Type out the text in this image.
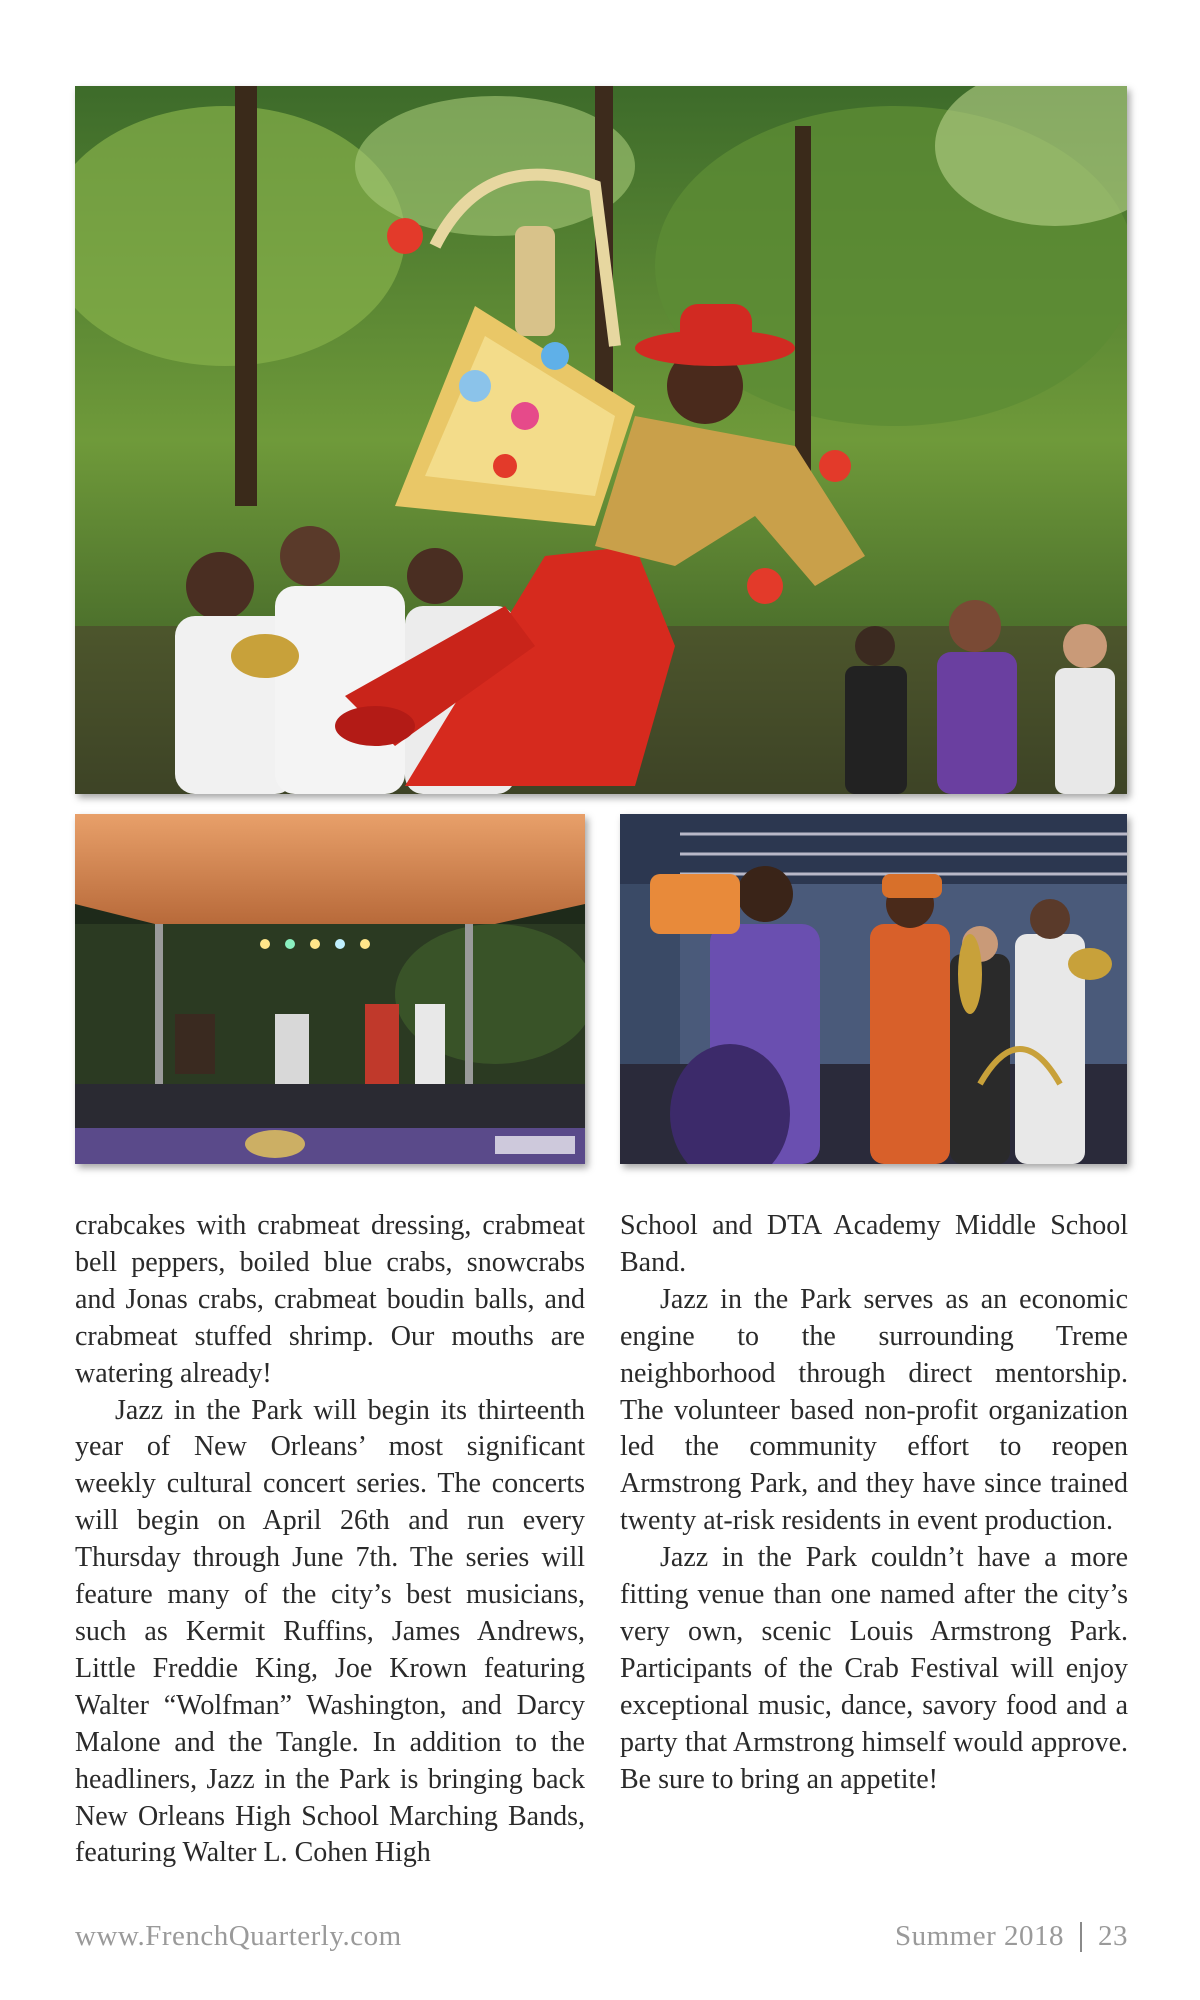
crabcakes with crabmeat dressing, crabmeat bell peppers, boiled blue crabs, snowcrabs and Jonas crabs, crabmeat boudin balls, and crabmeat stuffed shrimp. Our mouths are watering already!

Jazz in the Park will begin its thirteenth year of New Orleans’ most significant weekly cultural concert series. The concerts will begin on April 26th and run every Thursday through June 7th. The series will feature many of the city’s best musicians, such as Kermit Ruffins, James Andrews, Little Freddie King, Joe Krown featuring Walter “Wolfman” Washington, and Darcy Malone and the Tangle. In addition to the headliners, Jazz in the Park is bringing back New Orleans High School Marching Bands, featuring Walter L. Cohen High

School and DTA Academy Middle School Band.

Jazz in the Park serves as an economic engine to the surrounding Treme neighborhood through direct mentorship. The volunteer based non-profit organization led the community effort to reopen Armstrong Park, and they have since trained twenty at-risk residents in event production.

Jazz in the Park couldn’t have a more fitting venue than one named after the city’s very own, scenic Louis Armstrong Park. Participants of the Crab Festival will enjoy exceptional music, dance, savory food and a party that Armstrong himself would approve. Be sure to bring an appetite!

www.FrenchQuarterly.com	Summer 2018 23
